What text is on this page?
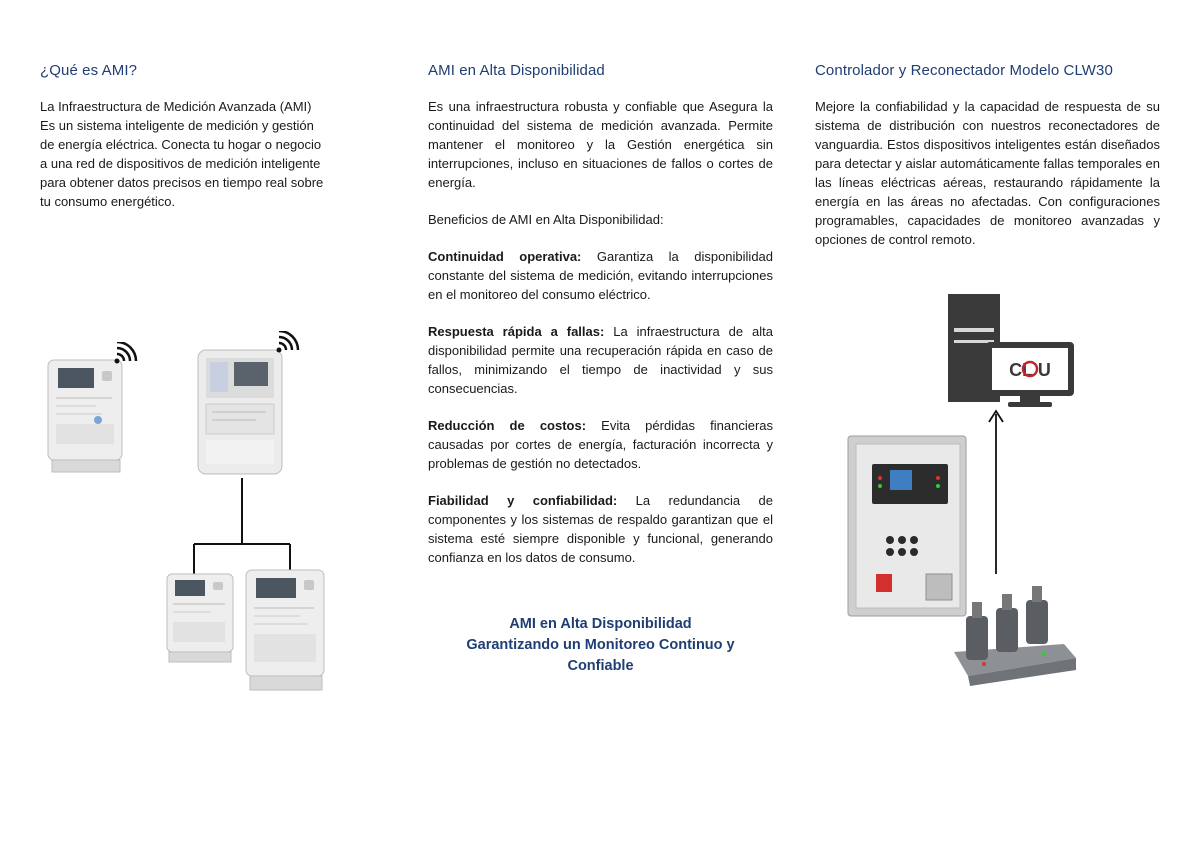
¿Qué es AMI?

La Infraestructura de Medición Avanzada (AMI)
Es un sistema inteligente de medición y gestión
de energía eléctrica. Conecta tu hogar o negocio
a una red de dispositivos de medición inteligente
para obtener datos precisos en tiempo real sobre
tu consumo energético.

AMI en Alta Disponibilidad

Es una infraestructura robusta y confiable que Asegura la continuidad del sistema de medición avanzada. Permite mantener el monitoreo y la Gestión energética sin interrupciones, incluso en situaciones de fallos o cortes de energía.

Beneficios de AMI en Alta Disponibilidad:

Continuidad operativa: Garantiza la disponibilidad constante del sistema de medición, evitando interrupciones en el monitoreo del consumo eléctrico.

Respuesta rápida a fallas: La infraestructura de alta disponibilidad permite una recuperación rápida en caso de fallos, minimizando el tiempo de inactividad y sus consecuencias.

Reducción de costos: Evita pérdidas financieras causadas por cortes de energía, facturación incorrecta y problemas de gestión no detectados.

Fiabilidad y confiabilidad: La redundancia de componentes y los sistemas de respaldo garantizan que el sistema esté siempre disponible y funcional, generando confianza en los datos de consumo.

AMI en Alta Disponibilidad
Garantizando un Monitoreo Continuo y
Confiable
Controlador y Reconectador Modelo CLW30

Mejore la confiabilidad y la capacidad de respuesta de su sistema de distribución con nuestros reconectadores de vanguardia. Estos dispositivos inteligentes están diseñados para detectar y aislar automáticamente fallas temporales en las líneas eléctricas aéreas, restaurando rápidamente la energía en las áreas no afectadas. Con configuraciones programables, capacidades de monitoreo avanzadas y opciones de control remoto.

CL U
